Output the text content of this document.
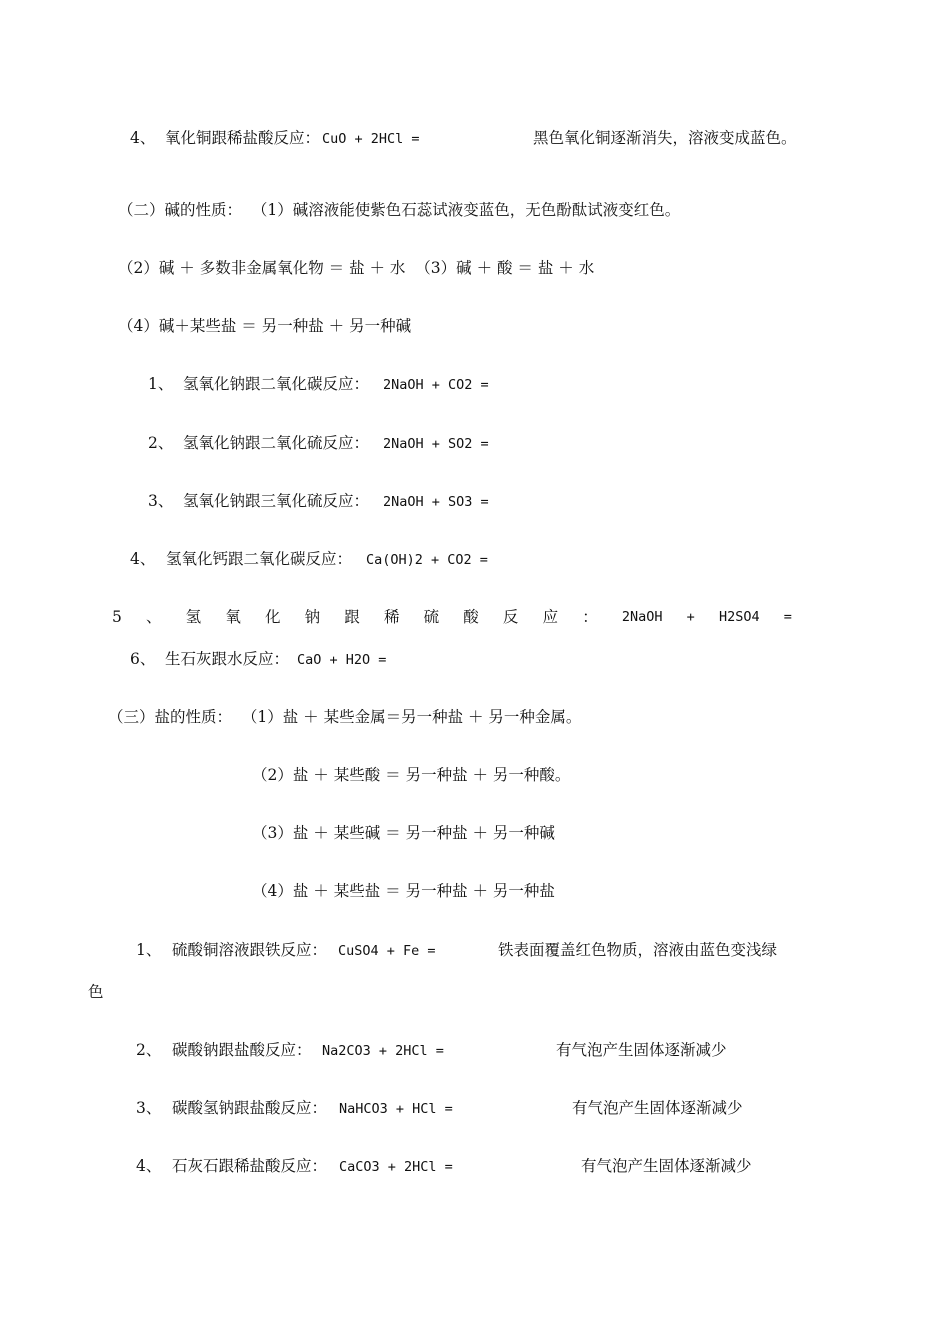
4、 氧化铜跟稀盐酸反应： CuO + 2HCl =	黑色氧化铜逐渐消失，溶液变成蓝色。
（二）碱的性质：  （1）碱溶液能使紫色石蕊试液变蓝色，无色酚酞试液变红色。
（2）碱 ＋ 多数非金属氧化物 ＝ 盐 ＋ 水  （3）碱 ＋ 酸 ＝ 盐 ＋ 水
（4）碱＋某些盐 ＝ 另一种盐 ＋ 另一种碱
1、 氢氧化钠跟二氧化碳反应： 2NaOH + CO2 =
2、 氢氧化钠跟二氧化硫反应： 2NaOH + SO2 =
3、 氢氧化钠跟三氧化硫反应： 2NaOH + SO3 =
4、 氢氧化钙跟二氧化碳反应： Ca(OH)2 + CO2 =
5 、 氢 氧 化 钠 跟 稀 硫 酸 反 应 ： 2NaOH + H2SO4 =
6、 生石灰跟水反应： CaO + H2O =
（三）盐的性质：  （1）盐 ＋ 某些金属＝另一种盐 ＋ 另一种金属。
（2）盐 ＋ 某些酸 ＝ 另一种盐 ＋ 另一种酸。
（3）盐 ＋ 某些碱 ＝ 另一种盐 ＋ 另一种碱
（4）盐 ＋ 某些盐 ＝ 另一种盐 ＋ 另一种盐
1、 硫酸铜溶液跟铁反应： CuSO4 + Fe =	铁表面覆盖红色物质，溶液由蓝色变浅绿
色
2、 碳酸钠跟盐酸反应： Na2CO3 + 2HCl =	有气泡产生固体逐渐减少
3、 碳酸氢钠跟盐酸反应： NaHCO3 + HCl =	有气泡产生固体逐渐减少
4、 石灰石跟稀盐酸反应： CaCO3 + 2HCl =	有气泡产生固体逐渐减少
